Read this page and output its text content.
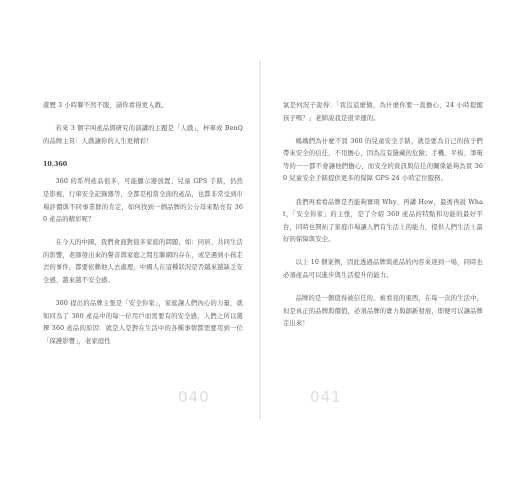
遊歷 3 小時聯不然不服，請你看得更入戲。

若來 3 個字叫產品與研究的演講的主題是「人戲」，杯車或 BenQ 的品牌主頁：人戲讓你的人生更精彩！

10.360

360 的系列產品很多，可能顯示器放置、兒童 GPS 手錶，仍然是影視，行車安全記錄器等，全都是相當全面的產品，也都非常受到市場評價與不同事業群的肯定，如何找到一個品牌的公分母來點亮有 360 產品的精彩呢？

在今天的中國，我們會面對很多家庭的問題，如：同居、共同生活的影響，老師發出來的聲音與家庭之間互聯網的存在，或是遇到小孩走丟的事件，都要依賴他人去處理，中國人在這種狀況是否越來越缺乏安全感、越來越不安全感。

360 提出的品牌主張是「安全你家」，家庭讓人們內心的力量，就如同為了 360 產品中的每一位用戶而需要有的安全感，人們之所以選擇 360 產品的原因：就是人是對在生活中的各種事情都需要用到一位「保護影響」，老家庭性

氣是何況子說得：「我沒這麼做，為什麼你要一直擔心，24 小時提醒孩子嗎？」老師說我是很幸運的。

媽媽們為什麼不買 360 的兒童安全手錶，就是要為自己的孩子們帶來安全的信任，不用擔心，因為沒有隱藏的危險；手機、平板、筆電等的一一都不會讓他們擔心，而安全的資訊與信任的關係能夠為買 360 兒童安全手錶提供更多的保障 GPS 24 小時定位服務。

我們再看看品牌是否能夠實現 Why、再講 How，最後再說 What，「安全你家」的主張，是了介紹 360 產品的特點和功能的最好平台，同時也開拓了家庭市場讓人們有生活上的能力，提供人們生活上最好的保障與安全。

以上 10 個案例，因此透過品牌與產品的內容來達到一場，同時也必須產品可以進步與生活提升的能力。

品牌的是一個值得被信任的、被看見的東西，在每一次的生活中，但是真正的品牌與價值，必須品牌的實力與創新發展，即便可以讓品牌走出來！

040	041
